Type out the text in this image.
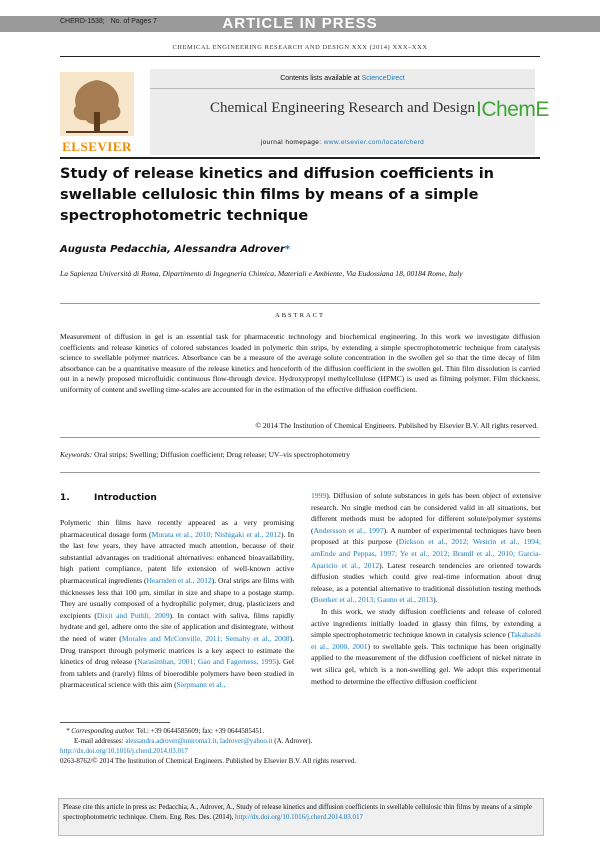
ARTICLE IN PRESS
CHERD-1538; No. of Pages 7
CHEMICAL ENGINEERING RESEARCH AND DESIGN XXX (2014) XXX–XXX
ELSEVIER
Contents lists available at ScienceDirect
Chemical Engineering Research and Design
journal homepage: www.elsevier.com/locate/cherd
IChemE
Study of release kinetics and diffusion coefficients in swellable cellulosic thin films by means of a simple spectrophotometric technique
Augusta Pedacchia, Alessandra Adrover*
La Sapienza Università di Roma, Dipartimento di Ingegneria Chimica, Materiali e Ambiente, Via Eudossiana 18, 00184 Rome, Italy
ABSTRACT
Measurement of diffusion in gel is an essential task for pharmaceutic technology and biochemical engineering. In this work we investigate diffusion coefficients and release kinetics of colored substances loaded in polymeric thin strips, by extending a simple spectrophotometric technique from catalysis science to swellable polymer matrices. Absorbance can be a measure of the average solute concentration in the swollen gel so that the time decay of film absorbance can be a quantitative measure of the release kinetics and henceforth of the diffusion coefficient in the swollen gel. Thin film dissolution is carried out in a newly proposed microfluidic continuous flow-through device. Hydroxypropyl methylcellulose (HPMC) is used as filming polymer. Film thickness, uniformity of content and swelling time-scales are accounted for in the estimation of the effective diffusion coefficient.
© 2014 The Institution of Chemical Engineers. Published by Elsevier B.V. All rights reserved.
Keywords: Oral strips; Swelling; Diffusion coefficient; Drug release; UV–vis spectrophotometry
1.	Introduction

Polymeric thin films have recently appeared as a very promising pharmaceutical dosage form (Murata et al., 2010; Nishigaki et al., 2012). In the last few years, they have attracted much attention, because of their substantial advantages on traditional alternatives: enhanced bioavailability, high patient compliance, patent life extension of well-known active pharmaceutical ingredients (Hearnden et al., 2012). Oral strips are films with thicknesses less that 100 μm, similar in size and shape to a postage stamp. They are usually composed of a hydrophilic polymer, drug, plasticizers and excipients (Dixit and Puthli, 2009). In contact with saliva, films rapidly hydrate and gel, adhere onto the site of application and disintegrate, without the need of water (Morales and McConville, 2011; Semalty et al., 2008). Drug transport through polymeric matrices is a key aspect to estimate the kinetics of drug release (Narasimhan, 2001; Gao and Fagerness, 1995). Gel from tablets and (rarely) films of bioerodible polymers have been studied in pharmaceutical science with this aim (Siepmann et al.,

1999). Diffusion of solute substances in gels has been object of extensive research. No single method can be considered valid in all situations, but different methods must be adopted for different solute/polymer systems (Andersson et al., 1997). A number of experimental techniques have been proposed at this purpose (Dickson et al., 2012; Westrin et al., 1994; amEnde and Peppas, 1997; Ye et al., 2012; Brandl et al., 2010; Garcia-Aparicio et al., 2012). Latest research tendencies are oriented towards diffusion studies which could give real-time information about drug release, as a potential alternative to traditional dissolution testing methods (Boetker et al., 2013; Gauno et al., 2013).

In this work, we study diffusion coefficients and release of colored active ingredients initially loaded in glassy thin films, by extending a simple spectrophotometric technique known in catalysis science (Takahashi et al., 2000, 2001) to swellable gels. This technique has been originally applied to the measurement of the diffusion coefficient of nickel nitrate in wet silica gel, which is a non-swelling gel. We adopt this experimental method to determine the effective diffusion coefficient

* Corresponding author. Tel.: +39 0644585609; fax: +39 0644585451.
E-mail addresses: alessandra.adrover@uniroma1.it, ladrover@yahoo.it (A. Adrover).
http://dx.doi.org/10.1016/j.cherd.2014.03.017
0263-8762/© 2014 The Institution of Chemical Engineers. Published by Elsevier B.V. All rights reserved.
Please cite this article in press as: Pedacchia, A., Adrover, A., Study of release kinetics and diffusion coefficients in swellable cellulosic thin films by means of a simple spectrophotometric technique. Chem. Eng. Res. Des. (2014), http://dx.doi.org/10.1016/j.cherd.2014.03.017
